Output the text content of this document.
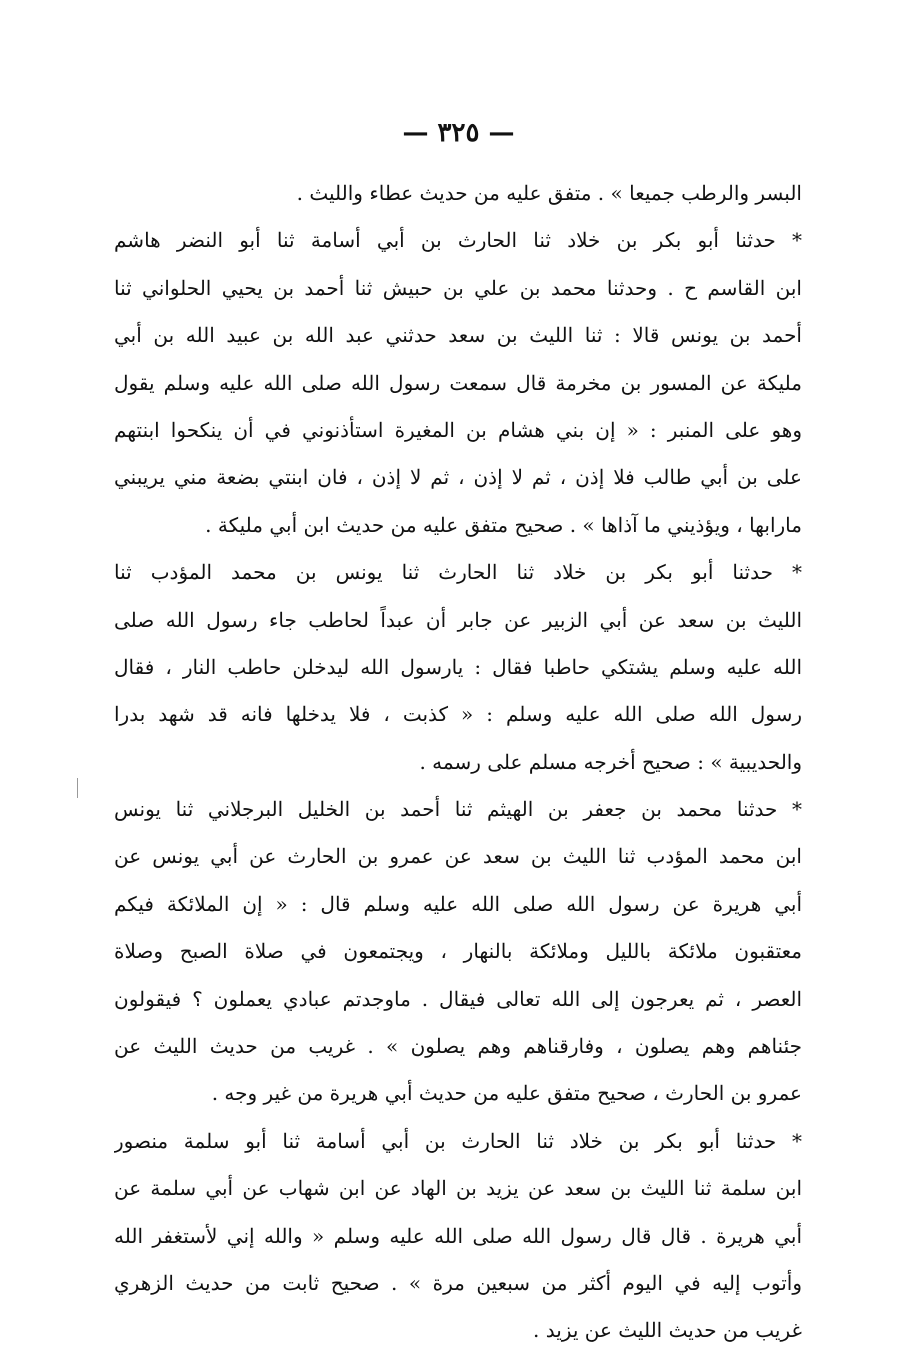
— ٣٢٥ —
البسر والرطب جميعا » . متفق عليه من حديث عطاء والليث .
* حدثنا أبو بكر بن خلاد ثنا الحارث بن أبي أسامة ثنا أبو النضر هاشم
ابن القاسم ح . وحدثنا محمد بن علي بن حبيش ثنا أحمد بن يحيي الحلواني ثنا
أحمد بن يونس قالا : ثنا الليث بن سعد حدثني عبد الله بن عبيد الله بن أبي
مليكة عن المسور بن مخرمة قال سمعت رسول الله صلى الله عليه وسلم يقول
وهو على المنبر : « إن بني هشام بن المغيرة استأذنوني في أن ينكحوا ابنتهم
على بن أبي طالب فلا إذن ، ثم لا إذن ، ثم لا إذن ، فان ابنتي بضعة مني يريبني
مارابها ، ويؤذيني ما آذاها » . صحيح متفق عليه من حديث ابن أبي مليكة .
* حدثنا أبو بكر بن خلاد ثنا الحارث ثنا يونس بن محمد المؤدب ثنا
الليث بن سعد عن أبي الزبير عن جابر أن عبداً لحاطب جاء رسول الله صلى
الله عليه وسلم يشتكي حاطبا فقال : يارسول الله ليدخلن حاطب النار ، فقال
رسول الله صلى الله عليه وسلم : « كذبت ، فلا يدخلها فانه قد شهد بدرا
والحديبية » : صحيح أخرجه مسلم على رسمه .
* حدثنا محمد بن جعفر بن الهيثم ثنا أحمد بن الخليل البرجلاني ثنا يونس
ابن محمد المؤدب ثنا الليث بن سعد عن عمرو بن الحارث عن أبي يونس عن
أبي هريرة عن رسول الله صلى الله عليه وسلم قال : « إن الملائكة فيكم
معتقبون ملائكة بالليل وملائكة بالنهار ، ويجتمعون في صلاة الصبح وصلاة
العصر ، ثم يعرجون إلى الله تعالى فيقال . ماوجدتم عبادي يعملون ؟ فيقولون
جئناهم وهم يصلون ، وفارقناهم وهم يصلون » . غريب من حديث الليث عن
عمرو بن الحارث ، صحيح متفق عليه من حديث أبي هريرة من غير وجه .
* حدثنا أبو بكر بن خلاد ثنا الحارث بن أبي أسامة ثنا أبو سلمة منصور
ابن سلمة ثنا الليث بن سعد عن يزيد بن الهاد عن ابن شهاب عن أبي سلمة عن
أبي هريرة . قال قال رسول الله صلى الله عليه وسلم « والله إني لأستغفر الله
وأتوب إليه في اليوم أكثر من سبعين مرة » . صحيح ثابت من حديث الزهري
غريب من حديث الليث عن يزيد .
